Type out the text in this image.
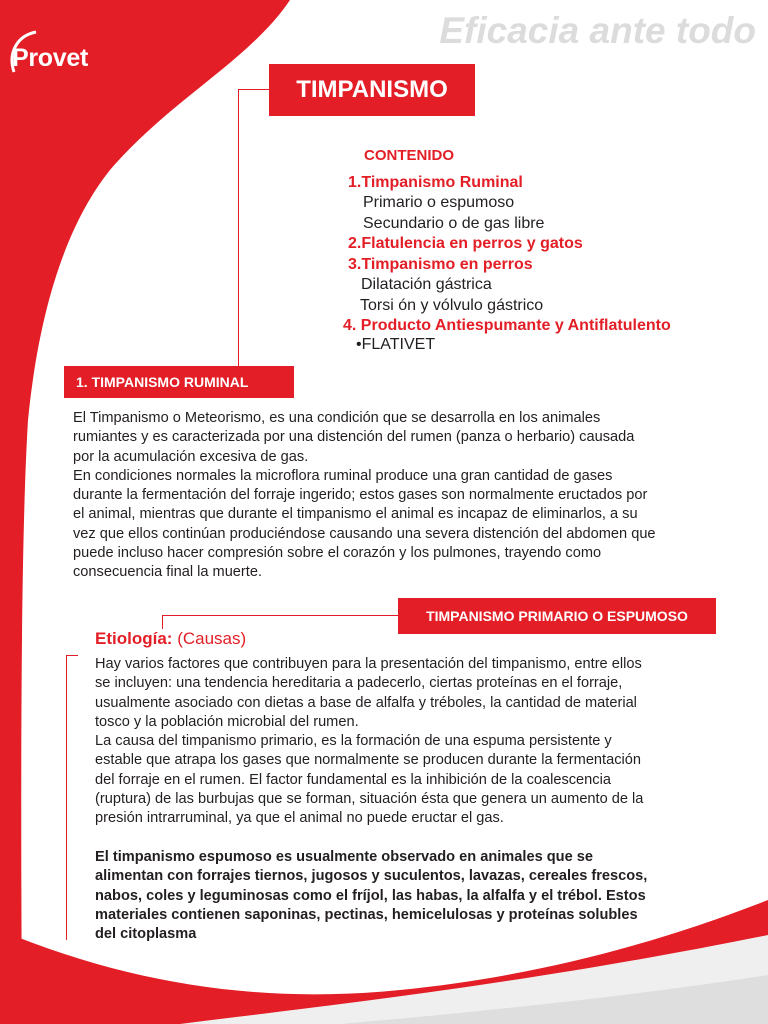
Provet
Eficacia ante todo
TIMPANISMO
CONTENIDO
1.Timpanismo Ruminal
Primario o espumoso
Secundario o de gas libre
2.Flatulencia en perros y gatos
3.Timpanismo en perros
Dilatación gástrica
Torsi ón y vólvulo gástrico
4. Producto Antiespumante y Antiflatulento
•FLATIVET
1. TIMPANISMO RUMINAL

El Timpanismo o Meteorismo, es una condición que se desarrolla en los animales

rumiantes y es caracterizada por una distención del rumen (panza o herbario) causada

por la acumulación excesiva de gas.

En condiciones normales la microflora ruminal produce una gran cantidad de gases

durante la fermentación del forraje ingerido; estos gases son normalmente eructados por

el animal, mientras que durante el timpanismo el animal es incapaz de eliminarlos, a su

vez que ellos continúan produciéndose causando una severa distención del abdomen que

puede incluso hacer compresión sobre el corazón y los pulmones, trayendo como

consecuencia final la muerte.

TIMPANISMO PRIMARIO O ESPUMOSO
Etiología: (Causas)

Hay varios factores que contribuyen para la presentación del timpanismo, entre ellos

se incluyen: una tendencia hereditaria a padecerlo, ciertas proteínas en el forraje,

usualmente asociado con dietas a base de alfalfa y tréboles, la cantidad de material

tosco y la población microbial del rumen.

La causa del timpanismo primario, es la formación de una espuma persistente y

estable que atrapa los gases que normalmente se producen durante la fermentación

del forraje en el rumen. El factor fundamental es la inhibición de la coalescencia

(ruptura) de las burbujas que se forman, situación ésta que genera un aumento de la

presión intrarruminal, ya que el animal no puede eructar el gas.

El timpanismo espumoso es usualmente observado en animales que se

alimentan con forrajes tiernos, jugosos y suculentos, lavazas, cereales frescos,

nabos, coles y leguminosas como el fríjol, las habas, la alfalfa y el trébol. Estos

materiales contienen saponinas, pectinas, hemicelulosas y proteínas solubles

del citoplasma
